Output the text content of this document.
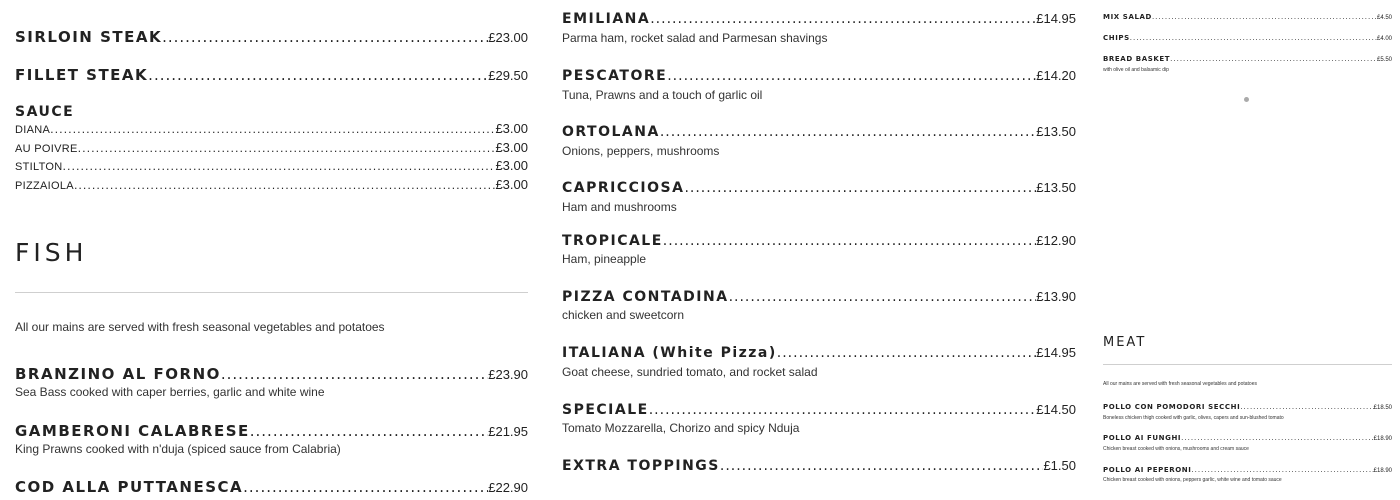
SIRLOIN STEAK .....	£23.00
FILLET STEAK .....	£29.50
SAUCE
DIANA .....	£3.00
AU POIVRE .....	£3.00
STILTON .....	£3.00
PIZZAIOLA .....	£3.00
FISH
All our mains are served with fresh seasonal vegetables and potatoes
BRANZINO AL FORNO .....	£23.90
Sea Bass cooked with caper berries, garlic and white wine
GAMBERONI CALABRESE .....	£21.95
King Prawns cooked with n'duja (spiced sauce from Calabria)
COD ALLA PUTTANESCA .....	£22.90
EMILIANA .....	£14.95
Parma ham, rocket salad and Parmesan shavings
PESCATORE .....	£14.20
Tuna, Prawns and a touch of garlic oil
ORTOLANA .....	£13.50
Onions, peppers, mushrooms
CAPRICCIOSA .....	£13.50
Ham and mushrooms
TROPICALE .....	£12.90
Ham, pineapple
PIZZA CONTADINA .....	£13.90
chicken and sweetcorn
ITALIANA (White Pizza) .....	£14.95
Goat cheese, sundried tomato, and rocket salad
SPECIALE .....	£14.50
Tomato Mozzarella, Chorizo and spicy Nduja
EXTRA TOPPINGS .....	£1.50
MIX SALAD .....	£4.50
CHIPS .....	£4.00
BREAD BASKET .....	£5.50
with olive oil and balsamic dip
MEAT
All our mains are served with fresh seasonal vegetables and potatoes
POLLO CON POMODORI SECCHI .....	£18.50
Boneless chicken thigh cooked with garlic, olives, capers and sun-blushed tomato
POLLO AI FUNGHI .....	£18.90
Chicken breast cooked with onions, mushrooms and cream sauce
POLLO AI PEPERONI .....	£18.90
Chicken breast cooked with onions, peppers garlic, white wine and tomato sauce
